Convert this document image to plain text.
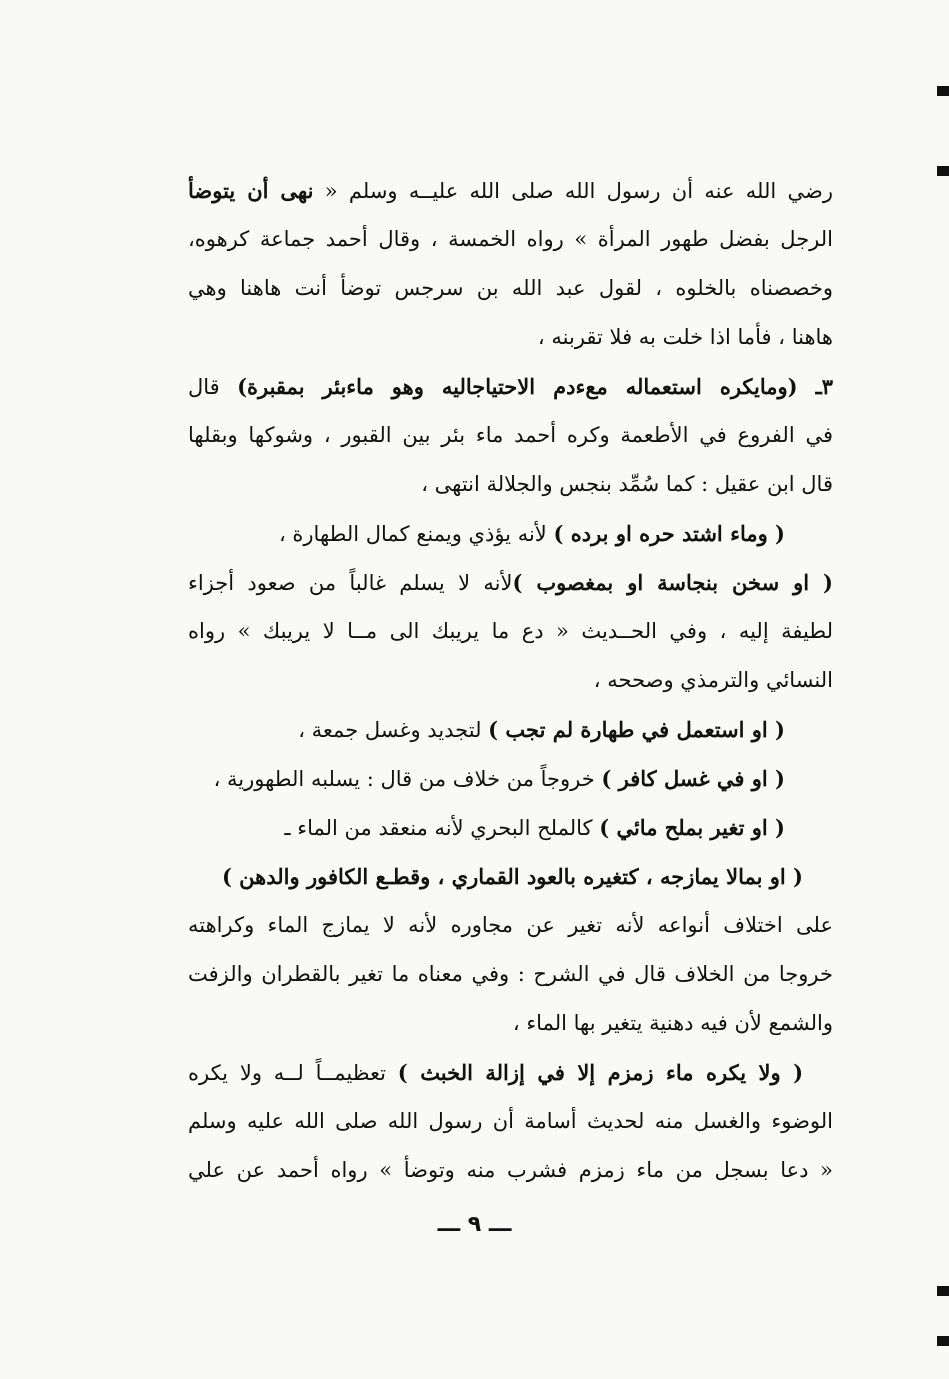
رضي الله عنه أن رسول الله صلى الله عليــه وسلم « نهى أن يتوضأ
الرجل بفضل طهور المرأة » رواه الخمسة ، وقال أحمد جماعة كرهوه،
وخصصناه بالخلوه ، لقول عبد الله بن سرجس توضأ أنت هاهنا وهي
هاهنا ، فأما اذا خلت به فلا تقربنه ،
٣ـ (ومايكره استعماله معءدم الاحتياجاليه وهو ماءبئر بمقبرة) قال
في الفروع في الأطعمة وكره أحمد ماء بئر بين القبور ، وشوكها وبقلها
قال ابن عقيل : كما سُمِّد بنجس والجلالة انتهى ،
( وماء اشتد حره او برده ) لأنه يؤذي ويمنع كمال الطهارة ،
( او سخن بنجاسة او بمغصوب )لأنه لا يسلم غالباً من صعود أجزاء
لطيفة إليه ، وفي الحــديث « دع ما يريبك الى مــا لا يريبك » رواه
النسائي والترمذي وصححه ،
( او استعمل في طهارة لم تجب ) لتجديد وغسل جمعة ،
( او في غسل كافر ) خروجاً من خلاف من قال : يسلبه الطهورية ،
( او تغير بملح مائي ) كالملح البحري لأنه منعقد من الماء ـ
( او بمالا يمازجه ، كتغيره بالعود القماري ، وقطـع الكافور والدهن )
على اختلاف أنواعه لأنه تغير عن مجاوره لأنه لا يمازج الماء وكراهته
خروجا من الخلاف قال في الشرح : وفي معناه ما تغير بالقطران والزفت
والشمع لأن فيه دهنية يتغير بها الماء ،
( ولا يكره ماء زمزم إلا في إزالة الخبث ) تعظيمــاً لــه ولا يكره
الوضوء والغسل منه لحديث أسامة أن رسول الله صلى الله عليه وسلم
« دعا بسجل من ماء زمزم فشرب منه وتوضأ » رواه أحمد عن علي
ـــ ٩ ـــ
